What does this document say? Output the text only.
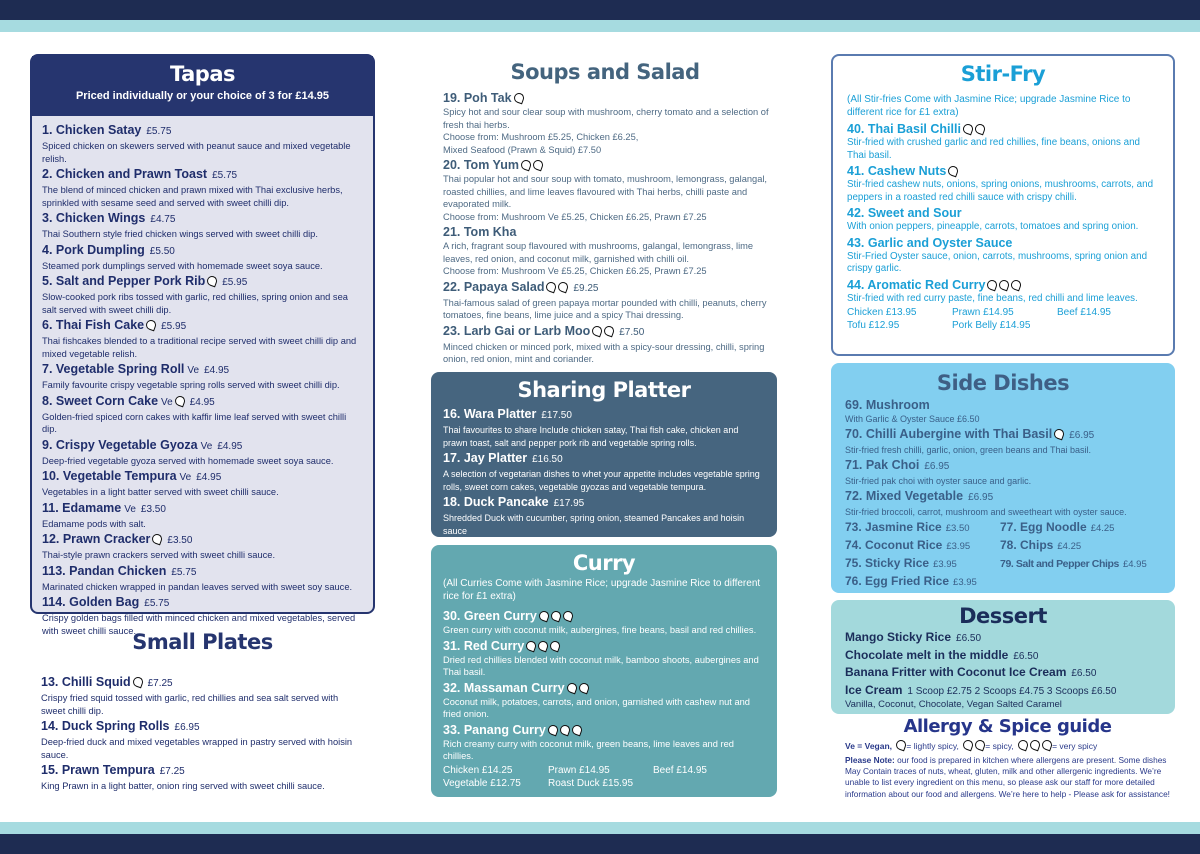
Tapas
Priced individually or your choice of 3 for £14.95
1. Chicken Satay £5.75
Spiced chicken on skewers served with peanut sauce and mixed vegetable relish.
2. Chicken and Prawn Toast £5.75
The blend of minced chicken and prawn mixed with Thai exclusive herbs, sprinkled with sesame seed and served with sweet chilli dip.
3. Chicken Wings £4.75
Thai Southern style fried chicken wings served with sweet chilli dip.
4. Pork Dumpling £5.50
Steamed pork dumplings served with homemade sweet soya sauce.
5. Salt and Pepper Pork Rib £5.95
Slow-cooked pork ribs tossed with garlic, red chillies, spring onion and sea salt served with sweet chilli dip.
6. Thai Fish Cake £5.95
Thai fishcakes blended to a traditional recipe served with sweet chilli dip and mixed vegetable relish.
7. Vegetable Spring Roll Ve £4.95
Family favourite crispy vegetable spring rolls served with sweet chilli dip.
8. Sweet Corn Cake Ve £4.95
Golden-fried spiced corn cakes with kaffir lime leaf served with sweet chilli dip.
9. Crispy Vegetable Gyoza Ve £4.95
Deep-fried vegetable gyoza served with homemade sweet soya sauce.
10. Vegetable Tempura Ve £4.95
Vegetables in a light batter served with sweet chilli sauce.
11. Edamame Ve £3.50
Edamame pods with salt.
12. Prawn Cracker £3.50
Thai-style prawn crackers served with sweet chilli sauce.
113. Pandan Chicken £5.75
Marinated chicken wrapped in pandan leaves served with sweet soy sauce.
114. Golden Bag £5.75
Crispy golden bags filled with minced chicken and mixed vegetables, served with sweet chilli sauce.
Small Plates
13. Chilli Squid £7.25
Crispy fried squid tossed with garlic, red chillies and sea salt served with sweet chilli dip.
14. Duck Spring Rolls £6.95
Deep-fried duck and mixed vegetables wrapped in pastry served with hoisin sauce.
15. Prawn Tempura £7.25
King Prawn in a light batter, onion ring served with sweet chilli sauce.
Soups and Salad
19. Poh Tak
Spicy hot and sour clear soup with mushroom, cherry tomato and a selection of fresh thai herbs.
Choose from: Mushroom £5.25, Chicken £6.25,
Mixed Seafood (Prawn & Squid) £7.50
20. Tom Yum
Thai popular hot and sour soup with tomato, mushroom, lemongrass, galangal, roasted chillies, and lime leaves flavoured with Thai herbs, chilli paste and evaporated milk.
Choose from: Mushroom Ve £5.25, Chicken £6.25, Prawn £7.25
21. Tom Kha
A rich, fragrant soup flavoured with mushrooms, galangal, lemongrass, lime leaves, red onion, and coconut milk, garnished with chilli oil.
Choose from: Mushroom Ve £5.25, Chicken £6.25, Prawn £7.25
22. Papaya Salad	£9.25
Thai-famous salad of green papaya mortar pounded with chilli, peanuts, cherry tomatoes, fine beans, lime juice and a spicy Thai dressing.
23. Larb Gai or Larb Moo	£7.50
Minced chicken or minced pork, mixed with a spicy-sour dressing, chilli, spring onion, red onion, mint and coriander.
Sharing Platter
16. Wara Platter £17.50
Thai favourites to share Include chicken satay, Thai fish cake, chicken and prawn toast, salt and pepper pork rib and vegetable spring rolls.
17. Jay Platter £16.50
A selection of vegetarian dishes to whet your appetite includes vegetable spring rolls, sweet corn cakes, vegetable gyozas and vegetable tempura.
18. Duck Pancake £17.95
Shredded Duck with cucumber, spring onion, steamed Pancakes and hoisin sauce
Curry
(All Curries Come with Jasmine Rice; upgrade Jasmine Rice to different rice for £1 extra)
30. Green Curry
Green curry with coconut milk, aubergines, fine beans, basil and red chillies.
31. Red Curry
Dried red chillies blended with coconut milk, bamboo shoots, aubergines and Thai basil.
32. Massaman Curry
Coconut milk, potatoes, carrots, and onion, garnished with cashew nut and fried onion.
33. Panang Curry
Rich creamy curry with coconut milk, green beans, lime leaves and red chillies.
Chicken £14.25	Prawn £14.95	Beef £14.95
Vegetable £12.75	Roast Duck £15.95
Stir-Fry
(All Stir-fries Come with Jasmine Rice; upgrade Jasmine Rice to different rice for £1 extra)
40. Thai Basil Chilli
Stir-fried with crushed garlic and red chillies, fine beans, onions and Thai basil.
41. Cashew Nuts
Stir-fried cashew nuts, onions, spring onions, mushrooms, carrots, and peppers in a roasted red chilli sauce with crispy chilli.
42. Sweet and Sour
With onion peppers, pineapple, carrots, tomatoes and spring onion.
43. Garlic and Oyster Sauce
Stir-Fried Oyster sauce, onion, carrots, mushrooms, spring onion and crispy garlic.
44. Aromatic Red Curry
Stir-fried with red curry paste, fine beans, red chilli and lime leaves.
Chicken £13.95	Prawn £14.95	Beef £14.95
Tofu £12.95	Pork Belly £14.95
Side Dishes
69. Mushroom
With Garlic & Oyster Sauce £6.50
70. Chilli Aubergine with Thai Basil £6.95
Stir-fried fresh chilli, garlic, onion, green beans and Thai basil.
71. Pak Choi £6.95
Stir-fried pak choi with oyster sauce and garlic.
72. Mixed Vegetable £6.95
Stir-fried broccoli, carrot, mushroom and sweetheart with oyster sauce.
73. Jasmine Rice £3.50	77. Egg Noodle £4.25
74. Coconut Rice £3.95	78. Chips £4.25
75. Sticky Rice £3.95	79. Salt and Pepper Chips £4.95
76. Egg Fried Rice £3.95
Dessert
Mango Sticky Rice £6.50
Chocolate melt in the middle £6.50
Banana Fritter with Coconut Ice Cream £6.50
Ice Cream 1 Scoop £2.75 2 Scoops £4.75 3 Scoops £6.50
Vanilla, Coconut, Chocolate, Vegan Salted Caramel
Allergy & Spice guide
Ve = Vegan, = lightly spicy,	= spicy,	= very spicy
Please Note: our food is prepared in kitchen where allergens are present. Some dishes May Contain traces of nuts, wheat, gluten, milk and other allergenic ingredients. We’re unable to list every ingredient on this menu, so please ask our staff for more detailed information about our food and allergens. We’re here to help - Please ask for assistance!
